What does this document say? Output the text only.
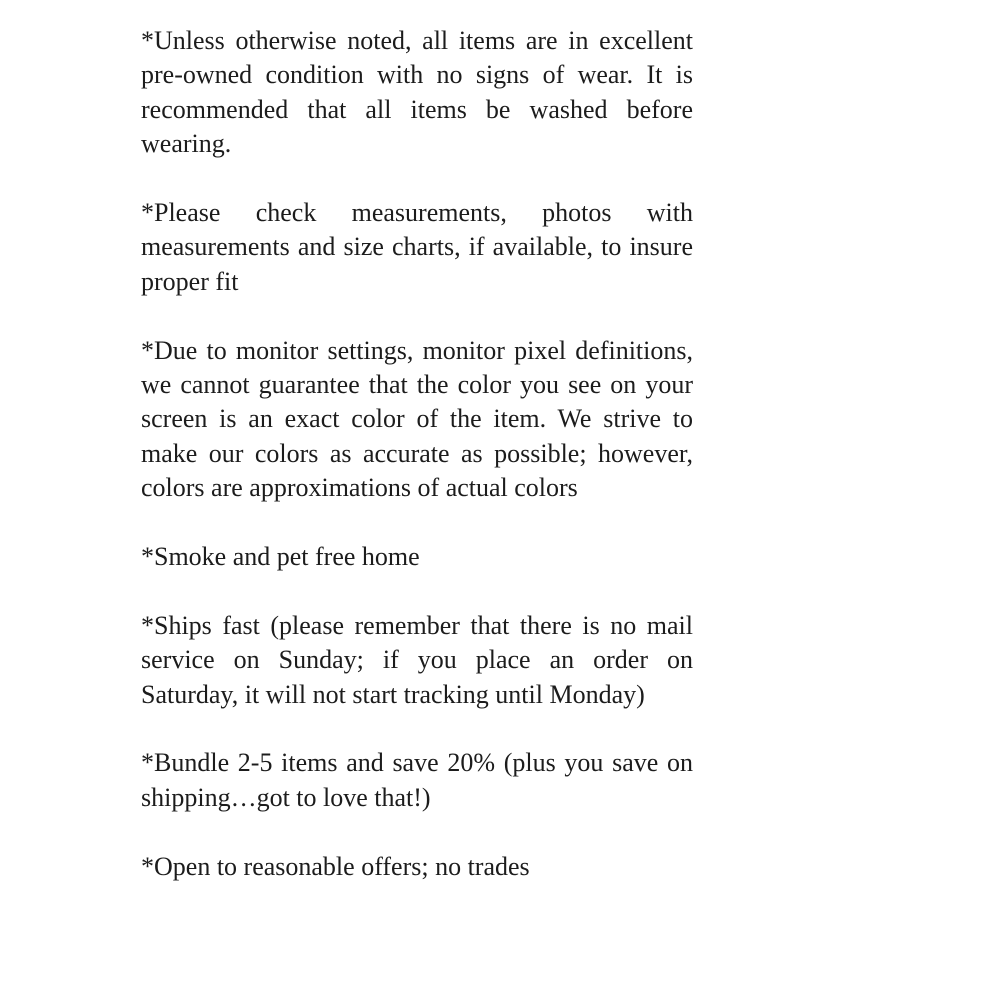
*Unless otherwise noted, all items are in excellent pre-owned condition with no signs of wear. It is recommended that all items be washed before wearing.
*Please check measurements, photos with measurements and size charts, if available, to insure proper fit
*Due to monitor settings, monitor pixel definitions, we cannot guarantee that the color you see on your screen is an exact color of the item. We strive to make our colors as accurate as possible; however, colors are approximations of actual colors
*Smoke and pet free home
*Ships fast (please remember that there is no mail service on Sunday; if you place an order on Saturday, it will not start tracking until Monday)
*Bundle 2-5 items and save 20% (plus you save on shipping…got to love that!)
*Open to reasonable offers; no trades
